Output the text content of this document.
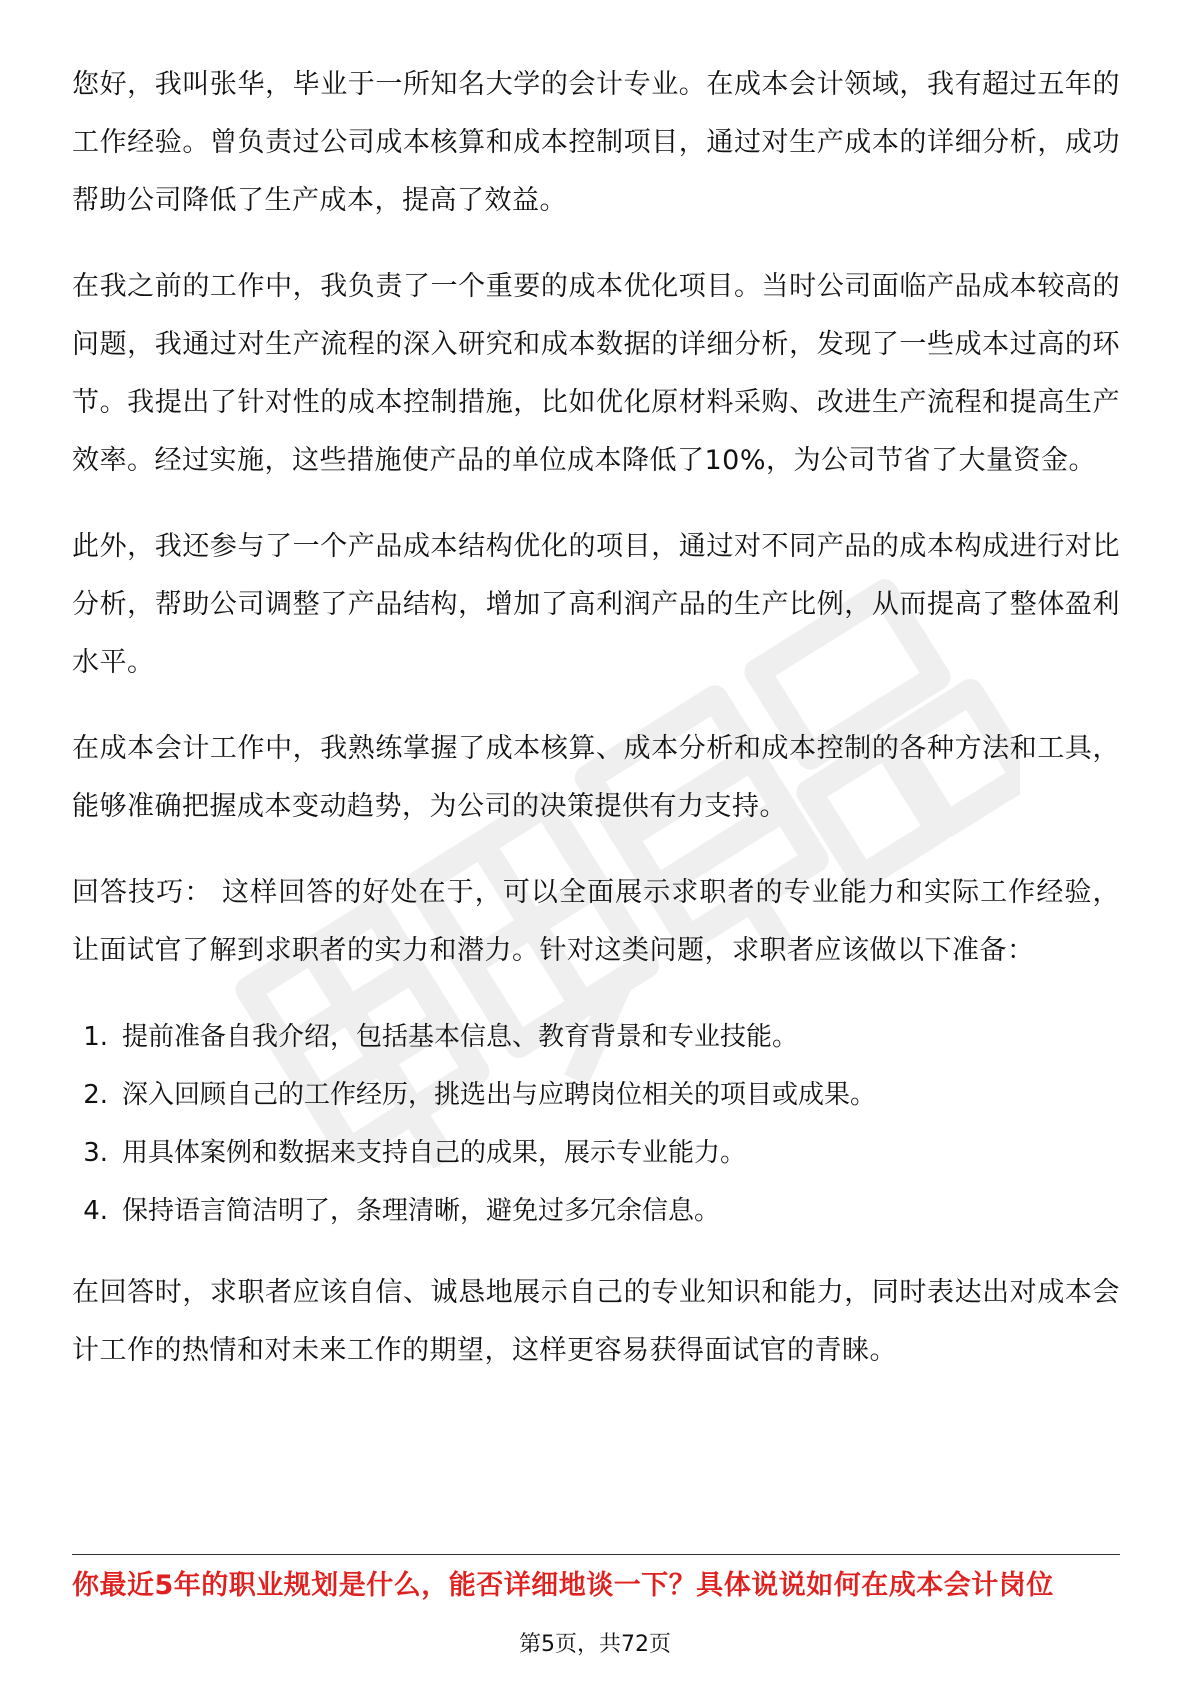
您好，我叫张华，毕业于一所知名大学的会计专业。在成本会计领域，我有超过五年的工作经验。曾负责过公司成本核算和成本控制项目，通过对生产成本的详细分析，成功帮助公司降低了生产成本，提高了效益。

在我之前的工作中，我负责了一个重要的成本优化项目。当时公司面临产品成本较高的问题，我通过对生产流程的深入研究和成本数据的详细分析，发现了一些成本过高的环节。我提出了针对性的成本控制措施，比如优化原材料采购、改进生产流程和提高生产效率。经过实施，这些措施使产品的单位成本降低了10%，为公司节省了大量资金。

此外，我还参与了一个产品成本结构优化的项目，通过对不同产品的成本构成进行对比分析，帮助公司调整了产品结构，增加了高利润产品的生产比例，从而提高了整体盈利水平。

在成本会计工作中，我熟练掌握了成本核算、成本分析和成本控制的各种方法和工具，能够准确把握成本变动趋势，为公司的决策提供有力支持。

回答技巧： 这样回答的好处在于，可以全面展示求职者的专业能力和实际工作经验，让面试官了解到求职者的实力和潜力。针对这类问题，求职者应该做以下准备：

1. 提前准备自我介绍，包括基本信息、教育背景和专业技能。
2. 深入回顾自己的工作经历，挑选出与应聘岗位相关的项目或成果。
3. 用具体案例和数据来支持自己的成果，展示专业能力。
4. 保持语言简洁明了，条理清晰，避免过多冗余信息。

在回答时，求职者应该自信、诚恳地展示自己的专业知识和能力，同时表达出对成本会计工作的热情和对未来工作的期望，这样更容易获得面试官的青睐。

你最近5年的职业规划是什么，能否详细地谈一下？具体说说如何在成本会计岗位
第5页，共72页
